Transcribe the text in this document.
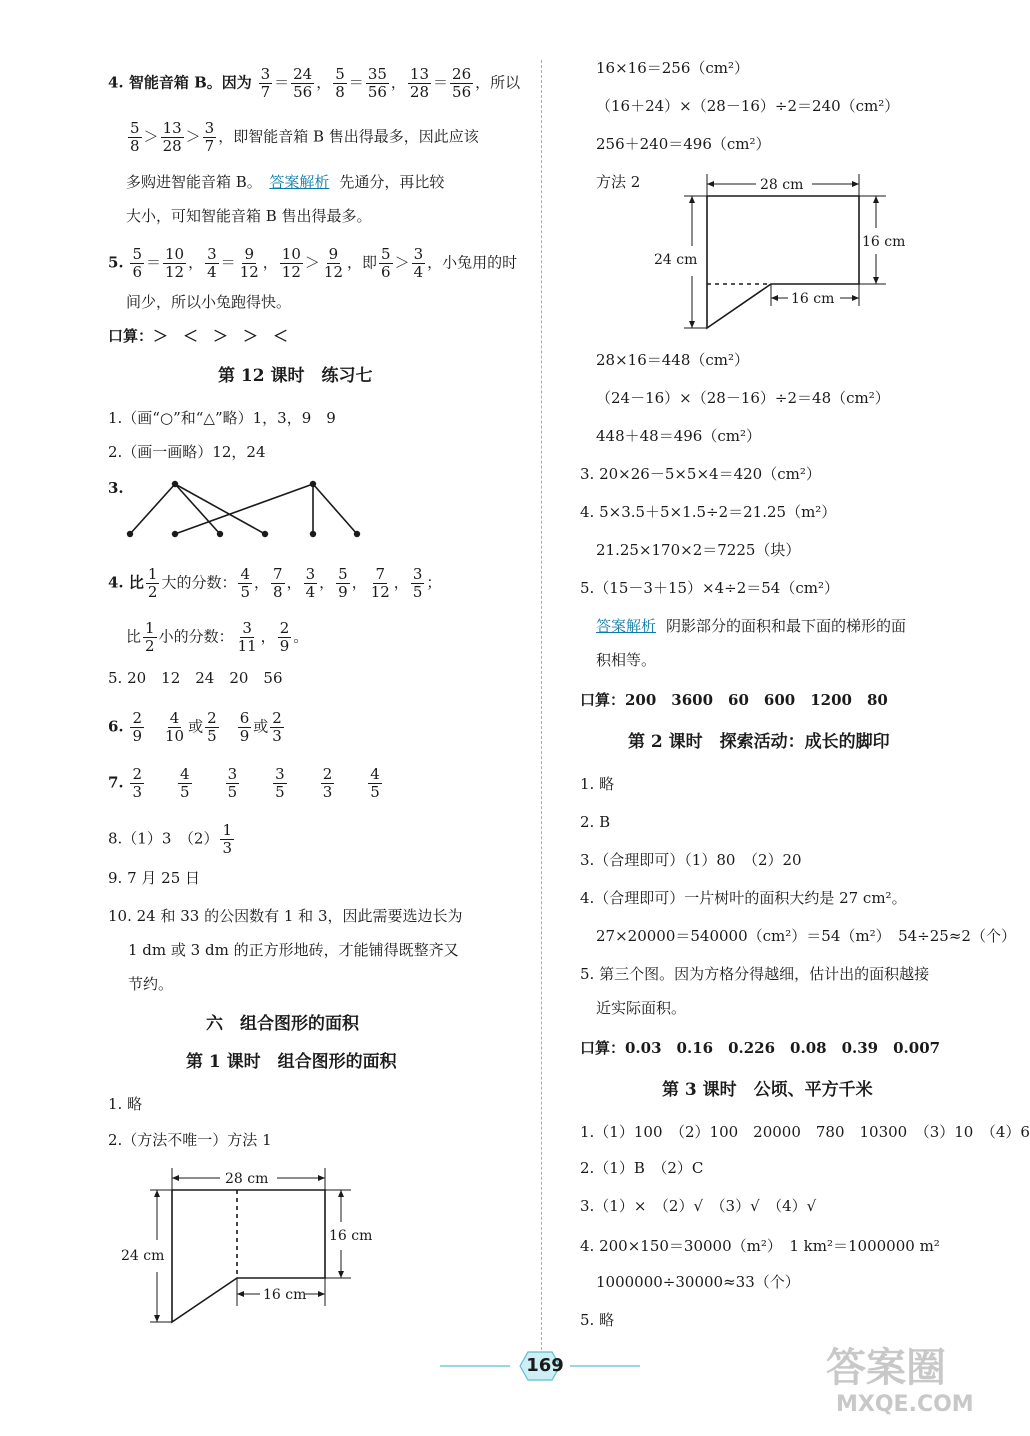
4. 智能音箱 B。因为 $\frac{3}{7} = \frac{24}{56}$ ， $\frac{5}{8} = \frac{35}{56}$ ， $\frac{13}{28} = \frac{26}{56}$ ，所以
$\frac{5}{8} > \frac{13}{28} > \frac{3}{7}$ ，即智能音箱 B 售出得最多，因此应该
多购进智能音箱 B。　 答案解析 先通分，再比较
大小，可知智能音箱 B 售出得最多。
5. $\frac{5}{6} = \frac{10}{12}$ ， $\frac{3}{4} = \frac{9}{12}$ ， $\frac{10}{12} > \frac{9}{12}$ ，即 $\frac{5}{6} > \frac{3}{4}$ ，小兔用的时
间少，所以小兔跑得快。
口算：＞　＜　＞　＞　＜
第 12 课时　练习七
1.（画“○”和“△”略）1，3，9　9
2.（画一画略）12，24
3.
4. 比 $\frac{1}{2}$ 大的分数： $\frac{4}{5}$ ， $\frac{7}{8}$ ， $\frac{3}{4}$ ， $\frac{5}{9}$ ， $\frac{7}{12}$ ， $\frac{3}{5}$ ；
比 $\frac{1}{2}$ 小的分数： $\frac{3}{11}$ ， $\frac{2}{9}$ 。
5. 20　12　24　20　56
6. $\frac{2}{9}$
　 $\frac{4}{10}$ 或 $\frac{2}{5}$
　 $\frac{6}{9}$ 或 $\frac{2}{3}$
7. $\frac{2}{3}$
　　 $\frac{4}{5}$
　　 $\frac{3}{5}$
　　 $\frac{3}{5}$
　　 $\frac{2}{3}$
　　 $\frac{4}{5}$
8.（1）3　$(2) \frac{1}{3}$
9. 7 月 25 日
10. 24 和 33 的公因数有 1 和 3，因此需要选边长为
1 dm 或 3 dm 的正方形地砖，才能铺得既整齐又
节约。
六　组合图形的面积
第 1 课时　组合图形的面积
1. 略
2.（方法不唯一）方法 1
28 cm
24 cm
16 cm
16 cm
16×16＝256（cm²）
（16＋24）×（28－16）÷2＝240（cm²）
256＋240＝496（cm²）
方法 2	28 cm
24 cm
16 cm
16 cm
28×16＝448（cm²）
（24－16）×（28－16）÷2＝48（cm²）
448＋48＝496（cm²）
3. 20×26－5×5×4＝420（cm²）
4. 5×3.5＋5×1.5÷2＝21.25（m²）
21.25×170×2＝7225（块）
5.（15－3＋15）×4÷2＝54（cm²）
答案解析 阴影部分的面积和最下面的梯形的面
积相等。
口算：200　3600　60　600　1200　80
第 2 课时　探索活动：成长的脚印
1. 略
2. B
3.（合理即可）（1）80　（2）20
4.（合理即可）一片树叶的面积大约是 27 cm²。
27×20000＝540000（cm²）＝54（m²）　54÷25≈2（个）
5. 第三个图。因为方格分得越细，估计出的面积越接
近实际面积。
口算：0.03　0.16　0.226　0.08　0.39　0.007
第 3 课时　公顷、平方千米
1.（1）100　（2）100　20000　780　10300　（3）10　（4）6
2.（1）B　（2）C
3.（1）×　（2）√　（3）√　（4）√
4. 200×150＝30000（m²）　1 km²＝1000000 m²
1000000÷30000≈33（个）
5. 略
169	答案圈
MXQE.COM
